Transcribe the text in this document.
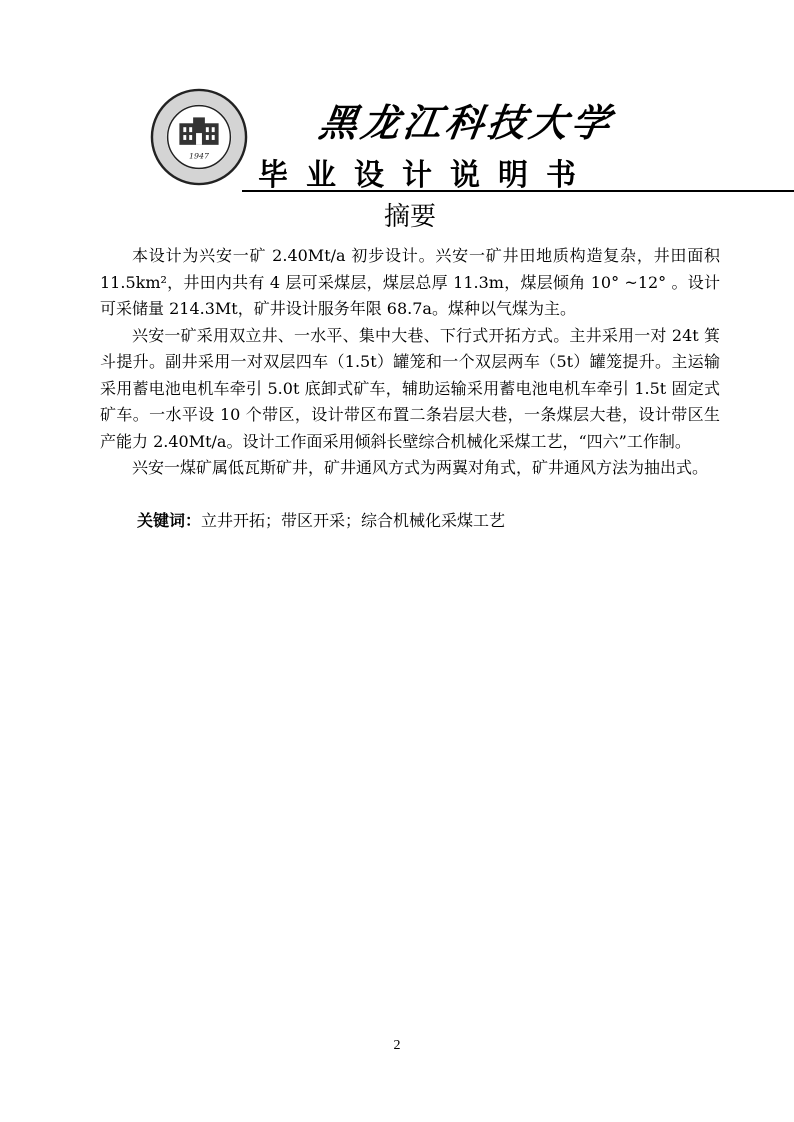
1947
黑龙江科技大学
毕业设计说明书
摘要

本设计为兴安一矿 2.40Mt/a 初步设计。兴安一矿井田地质构造复杂，井田面积 11.5km²，井田内共有 4 层可采煤层，煤层总厚 11.3m，煤层倾角 10° ~12° 。设计可采储量 214.3Mt，矿井设计服务年限 68.7a。煤种以气煤为主。

兴安一矿采用双立井、一水平、集中大巷、下行式开拓方式。主井采用一对 24t 箕斗提升。副井采用一对双层四车（1.5t）罐笼和一个双层两车（5t）罐笼提升。主运输采用蓄电池电机车牵引 5.0t 底卸式矿车，辅助运输采用蓄电池电机车牵引 1.5t 固定式矿车。一水平设 10 个带区，设计带区布置二条岩层大巷，一条煤层大巷，设计带区生产能力 2.40Mt/a。设计工作面采用倾斜长壁综合机械化采煤工艺，“四六”工作制。

兴安一煤矿属低瓦斯矿井，矿井通风方式为两翼对角式，矿井通风方法为抽出式。

关键词：立井开拓；带区开采；综合机械化采煤工艺
2
